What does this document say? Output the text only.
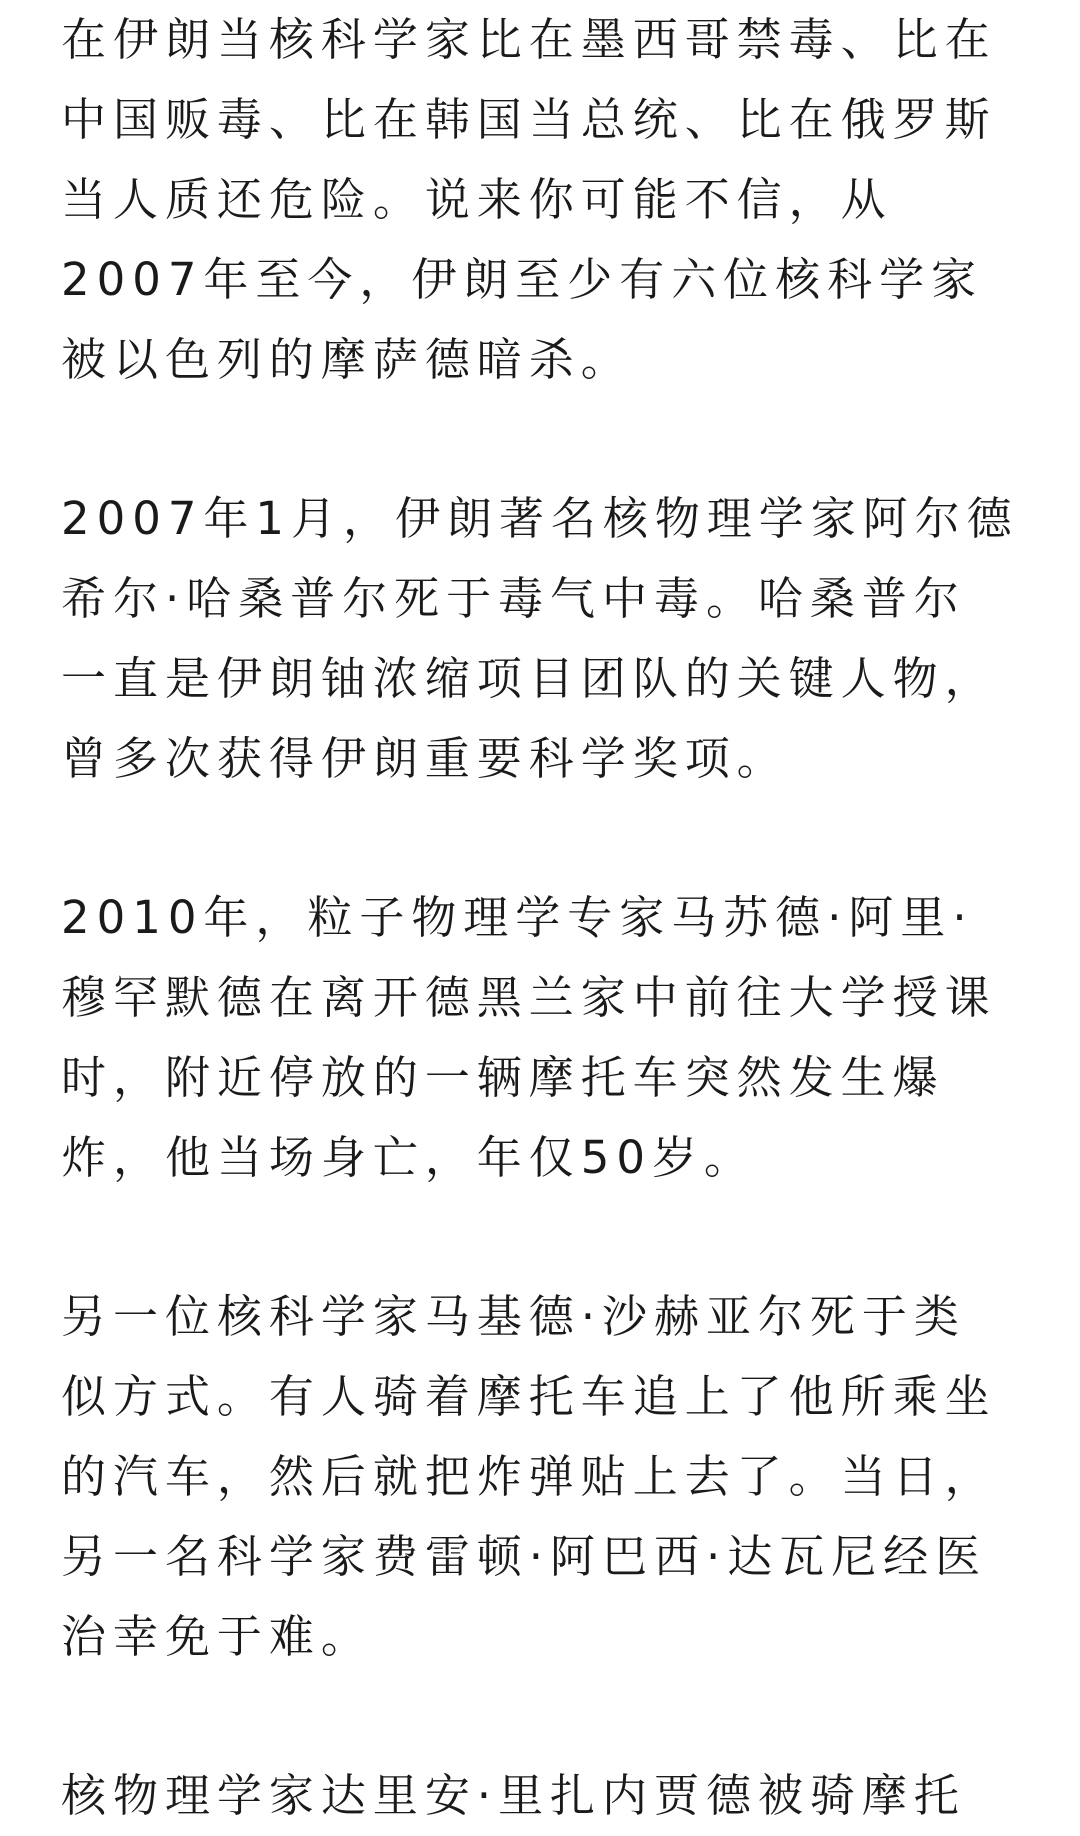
在伊朗当核科学家比在墨西哥禁毒、比在
中国贩毒、比在韩国当总统、比在俄罗斯
当人质还危险。说来你可能不信，从
2007年至今，伊朗至少有六位核科学家
被以色列的摩萨德暗杀。
2007年1月，伊朗著名核物理学家阿尔德
希尔·哈桑普尔死于毒气中毒。哈桑普尔
一直是伊朗铀浓缩项目团队的关键人物，
曾多次获得伊朗重要科学奖项。
2010年，粒子物理学专家马苏德·阿里·
穆罕默德在离开德黑兰家中前往大学授课
时，附近停放的一辆摩托车突然发生爆
炸，他当场身亡，年仅50岁。
另一位核科学家马基德·沙赫亚尔死于类
似方式。有人骑着摩托车追上了他所乘坐
的汽车，然后就把炸弹贴上去了。当日，
另一名科学家费雷顿·阿巴西·达瓦尼经医
治幸免于难。
核物理学家达里安·里扎内贾德被骑摩托
